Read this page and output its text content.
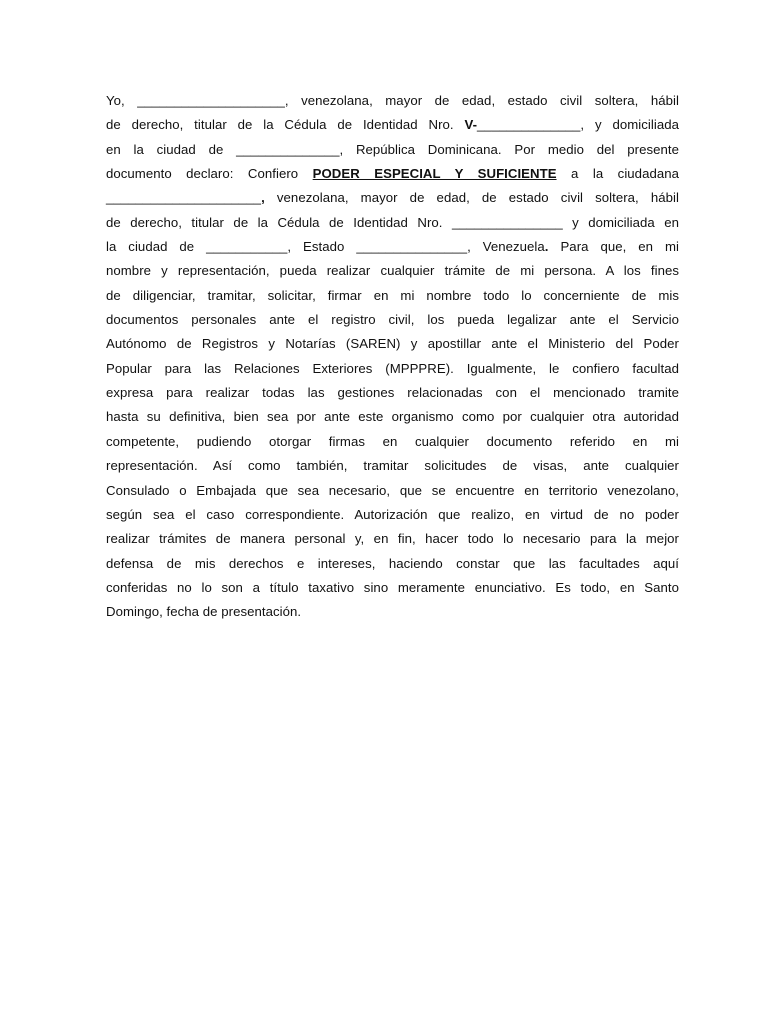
Yo, ____________________, venezolana, mayor de edad, estado civil soltera, hábil
de derecho, titular de la Cédula de Identidad Nro. V-______________, y domiciliada
en la ciudad de ______________, República Dominicana. Por medio del presente
documento declaro: Confiero PODER ESPECIAL Y SUFICIENTE a la ciudadana
_____________________, venezolana, mayor de edad, de estado civil soltera, hábil
de derecho, titular de la Cédula de Identidad Nro. _______________ y domiciliada en
la ciudad de ___________, Estado _______________, Venezuela. Para que, en mi
nombre y representación, pueda realizar cualquier trámite de mi persona. A los fines
de diligenciar, tramitar, solicitar, firmar en mi nombre todo lo concerniente de mis
documentos personales ante el registro civil, los pueda legalizar ante el Servicio
Autónomo de Registros y Notarías (SAREN) y apostillar ante el Ministerio del Poder
Popular para las Relaciones Exteriores (MPPPRE). Igualmente, le confiero facultad
expresa para realizar todas las gestiones relacionadas con el mencionado tramite
hasta su definitiva, bien sea por ante este organismo como por cualquier otra autoridad
competente, pudiendo otorgar firmas en cualquier documento referido en mi
representación. Así como también, tramitar solicitudes de visas, ante cualquier
Consulado o Embajada que sea necesario, que se encuentre en territorio venezolano,
según sea el caso correspondiente. Autorización que realizo, en virtud de no poder
realizar trámites de manera personal y, en fin, hacer todo lo necesario para la mejor
defensa de mis derechos e intereses, haciendo constar que las facultades aquí
conferidas no lo son a título taxativo sino meramente enunciativo. Es todo, en Santo
Domingo, fecha de presentación.
